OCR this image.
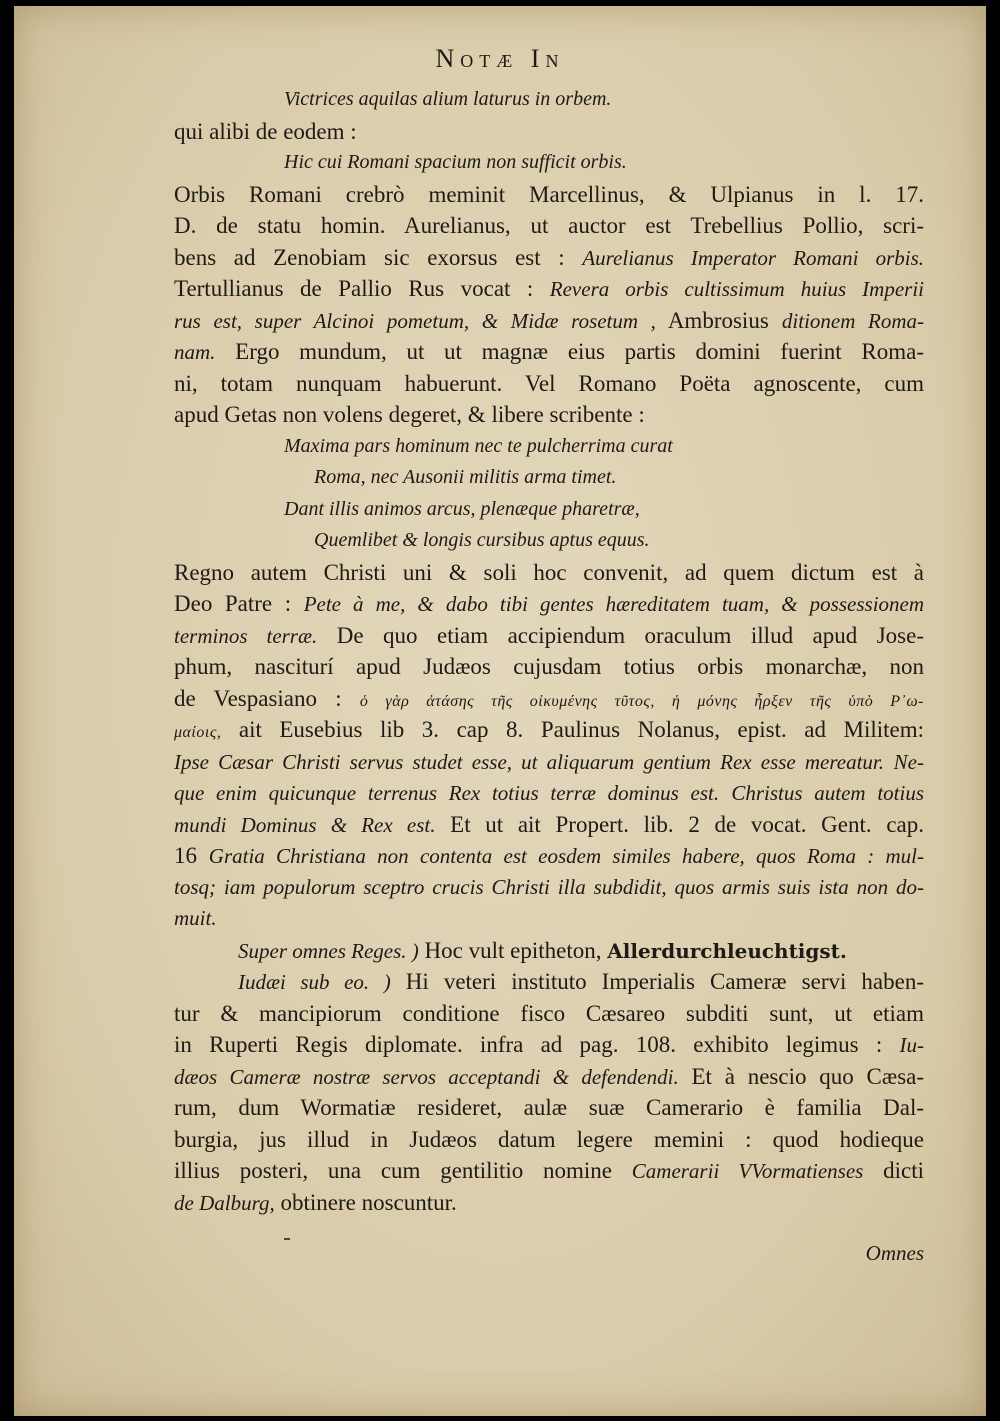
Notæ In
Victrices aquilas alium laturus in orbem.
qui alibi de eodem :
Hic cui Romani spacium non sufficit orbis.
Orbis Romani crebrò meminit Marcellinus, & Ulpianus in l. 17.
D. de statu homin. Aurelianus, ut auctor est Trebellius Pollio, scri-
bens ad Zenobiam sic exorsus est : Aurelianus Imperator Romani orbis.
Tertullianus de Pallio Rus vocat : Revera orbis cultissimum huius Imperii
rus est, super Alcinoi pometum, & Midæ rosetum , Ambrosius ditionem Roma-
nam. Ergo mundum, ut ut magnæ eius partis domini fuerint Roma-
ni, totam nunquam habuerunt. Vel Romano Poëta agnoscente, cum
apud Getas non volens degeret, & libere scribente :
Maxima pars hominum nec te pulcherrima curat
Roma, nec Ausonii militis arma timet.
Dant illis animos arcus, plenæque pharetræ,
Quemlibet & longis cursibus aptus equus.
Regno autem Christi uni & soli hoc convenit, ad quem dictum est à
Deo Patre : Pete à me, & dabo tibi gentes hæreditatem tuam, & possessionem
terminos terræ. De quo etiam accipiendum oraculum illud apud Jose-
phum, nasciturí apud Judæos cujusdam totius orbis monarchæ, non
de Vespasiano : ὁ γὰρ ἀτάσης τῆς οἰκυμένης τῦτος, ἡ μόνης ἦρξεν τῆς ὑπὸ Ρ᾿ω-
μαίοις, ait Eusebius lib 3. cap 8. Paulinus Nolanus, epist. ad Militem:
Ipse Cæsar Christi servus studet esse, ut aliquarum gentium Rex esse mereatur. Ne-
que enim quicunque terrenus Rex totius terræ dominus est. Christus autem totius
mundi Dominus & Rex est. Et ut ait Propert. lib. 2 de vocat. Gent. cap.
16 Gratia Christiana non contenta est eosdem similes habere, quos Roma : mul-
tosq; iam populorum sceptro crucis Christi illa subdidit, quos armis suis ista non do-
muit.
Super omnes Reges. ) Hoc vult epitheton, Allerdurchleuchtigst.
Iudæi sub eo. ) Hi veteri instituto Imperialis Cameræ servi haben-
tur & mancipiorum conditione fisco Cæsareo subditi sunt, ut etiam
in Ruperti Regis diplomate. infra ad pag. 108. exhibito legimus : Iu-
dæos Cameræ nostræ servos acceptandi & defendendi. Et à nescio quo Cæsa-
rum, dum Wormatiæ resideret, aulæ suæ Camerario è familia Dal-
burgia, jus illud in Judæos datum legere memini : quod hodieque
illius posteri, una cum gentilitio nomine Camerarii VVormatienses dicti
de Dalburg, obtinere noscuntur.
Omnes
